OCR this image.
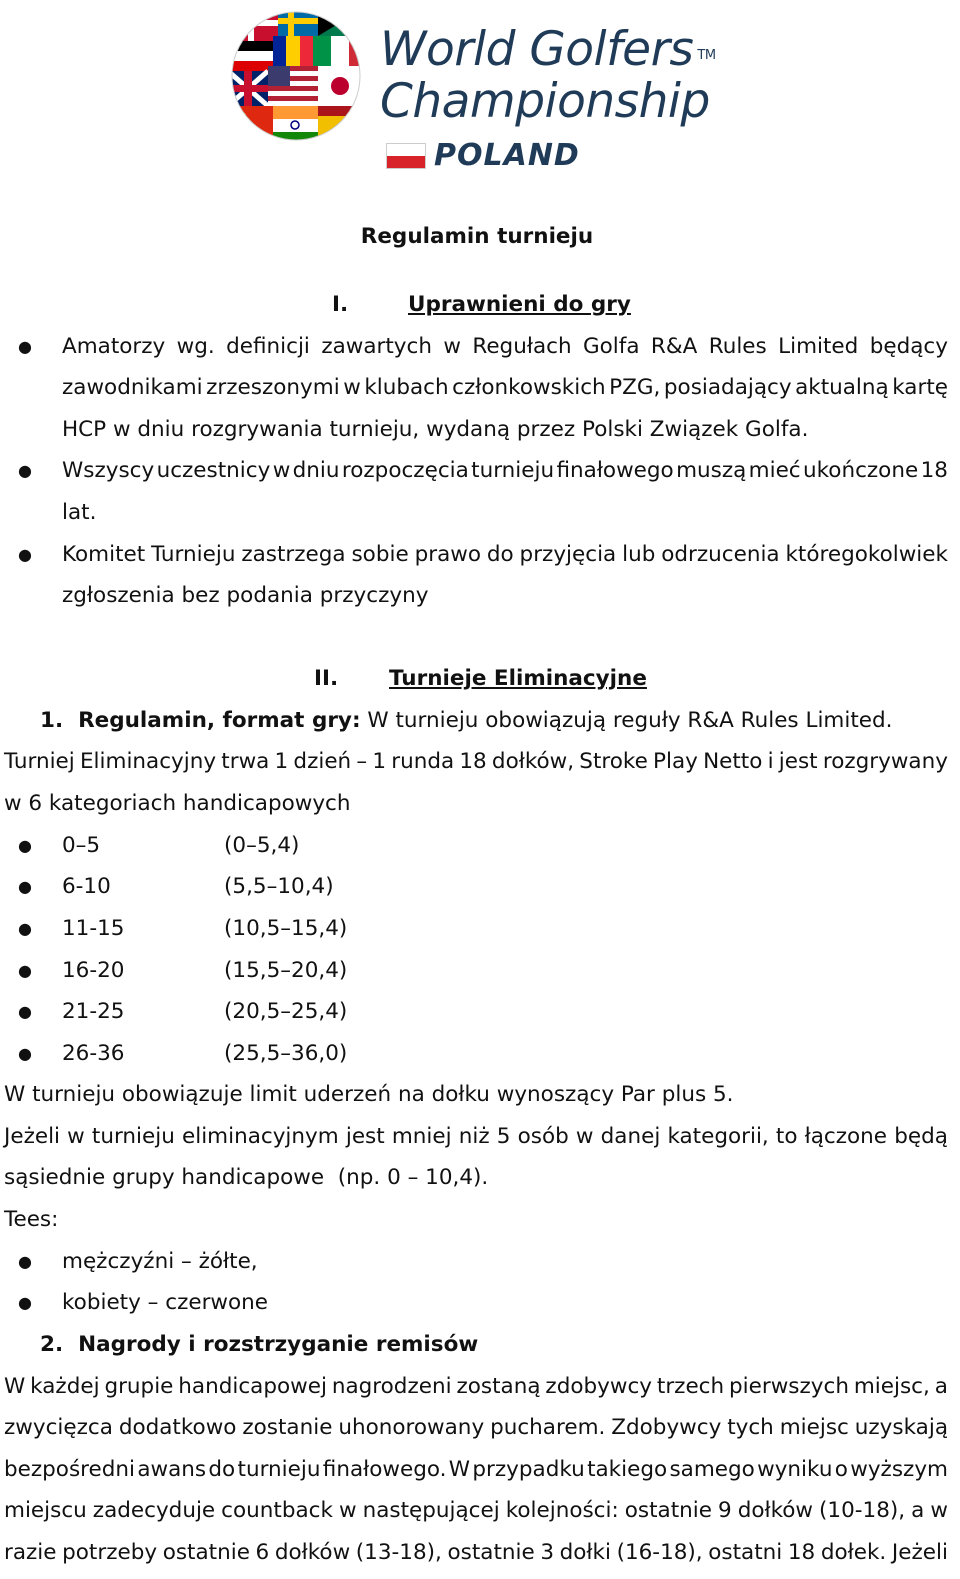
World Golfers ™
Championship
POLAND
Regulamin turnieju
I.	Uprawnieni do gry
● Amatorzy wg. definicji zawartych w Regułach Golfa R&A Rules Limited będący
zawodnikami zrzeszonymi w klubach członkowskich PZG, posiadający aktualną kartę
HCP w dniu rozgrywania turnieju, wydaną przez Polski Związek Golfa.
● Wszyscy uczestnicy w dniu rozpoczęcia turnieju finałowego muszą mieć ukończone 18
lat.
● Komitet Turnieju zastrzega sobie prawo do przyjęcia lub odrzucenia któregokolwiek
zgłoszenia bez podania przyczyny
II. Turnieje Eliminacyjne
1.  Regulamin, format gry: W turnieju obowiązują reguły R&A Rules Limited.
Turniej Eliminacyjny trwa 1 dzień – 1 runda 18 dołków, Stroke Play Netto i jest rozgrywany
w 6 kategoriach handicapowych
● 0–5	(0–5,4)
● 6-10	(5,5–10,4)
● 11-15	(10,5–15,4)
● 16-20	(15,5–20,4)
● 21-25	(20,5–25,4)
● 26-36	(25,5–36,0)
W turnieju obowiązuje limit uderzeń na dołku wynoszący Par plus 5.
Jeżeli w turnieju eliminacyjnym jest mniej niż 5 osób w danej kategorii, to łączone będą
sąsiednie grupy handicapowe  (np. 0 – 10,4).
Tees:
● mężczyźni – żółte,
● kobiety – czerwone
2.  Nagrody i rozstrzyganie remisów
W każdej grupie handicapowej nagrodzeni zostaną zdobywcy trzech pierwszych miejsc, a
zwycięzca dodatkowo zostanie uhonorowany pucharem. Zdobywcy tych miejsc uzyskają
bezpośredni awans do turnieju finałowego. W przypadku takiego samego wyniku o wyższym
miejscu zadecyduje countback w następującej kolejności: ostatnie 9 dołków (10-18), a w
razie potrzeby ostatnie 6 dołków (13-18), ostatnie 3 dołki (16-18), ostatni 18 dołek. Jeżeli
